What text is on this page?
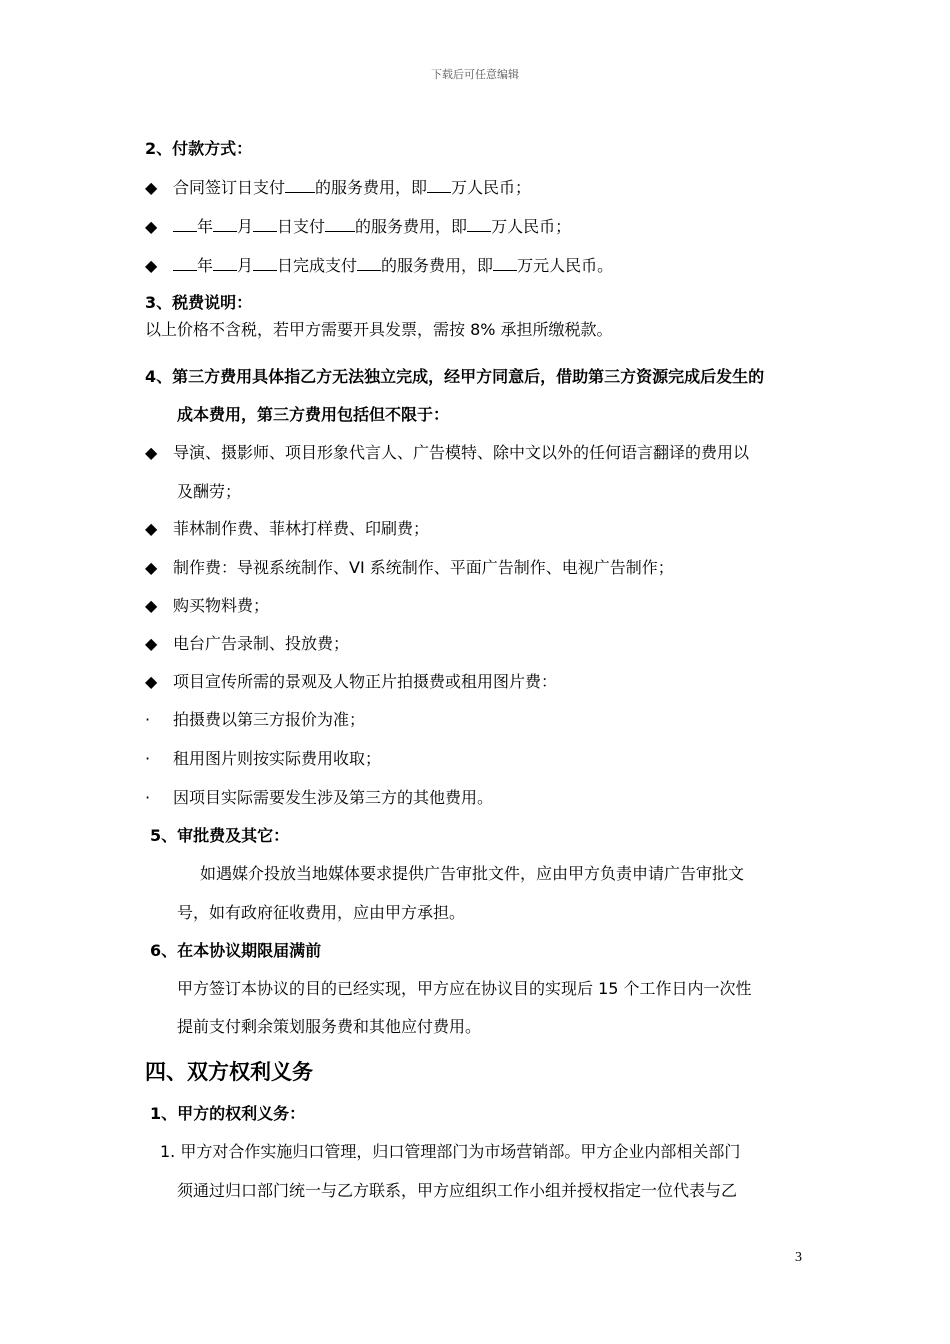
下载后可任意编辑
2、付款方式：
◆ 合同签订日支付 的服务费用，即 万人民币；
◆ 年 月 日支付 的服务费用，即 万人民币；
◆ 年 月 日完成支付 的服务费用，即 万元人民币。
3、税费说明：
以上价格不含税，若甲方需要开具发票，需按 8% 承担所缴税款。
4、第三方费用具体指乙方无法独立完成，经甲方同意后，借助第三方资源完成后发生的
成本费用，第三方费用包括但不限于：
◆ 导演、摄影师、项目形象代言人、广告模特、除中文以外的任何语言翻译的费用以
及酬劳；
◆ 菲林制作费、菲林打样费、印刷费；
◆ 制作费：导视系统制作、VI 系统制作、平面广告制作、电视广告制作；
◆ 购买物料费；
◆ 电台广告录制、投放费；
◆ 项目宣传所需的景观及人物正片拍摄费或租用图片费：
· 拍摄费以第三方报价为准；
· 租用图片则按实际费用收取；
· 因项目实际需要发生涉及第三方的其他费用。
5、审批费及其它：
如遇媒介投放当地媒体要求提供广告审批文件，应由甲方负责申请广告审批文
号，如有政府征收费用，应由甲方承担。
6、在本协议期限届满前
甲方签订本协议的目的已经实现，甲方应在协议目的实现后 15 个工作日内一次性
提前支付剩余策划服务费和其他应付费用。
四、双方权利义务
1、甲方的权利义务：
1. 甲方对合作实施归口管理，归口管理部门为市场营销部。甲方企业内部相关部门
须通过归口部门统一与乙方联系，甲方应组织工作小组并授权指定一位代表与乙
3
